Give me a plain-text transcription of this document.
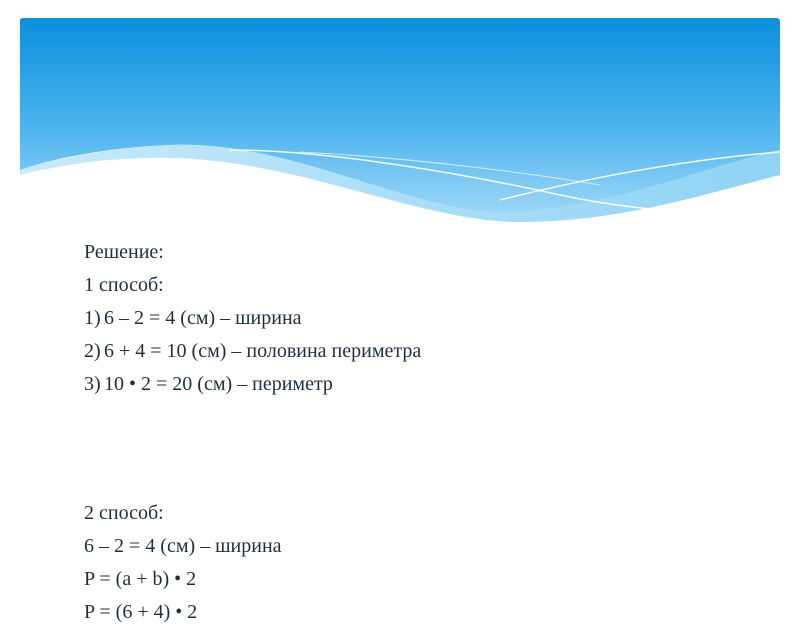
Решение:
1 способ:
1) 6 – 2 = 4 (см) – ширина
2) 6 + 4 = 10 (см) – половина периметра
3) 10 • 2 = 20 (см) – периметр
2 способ:
6 – 2 = 4 (см) – ширина
P = (a + b) • 2
P = (6 + 4) • 2
